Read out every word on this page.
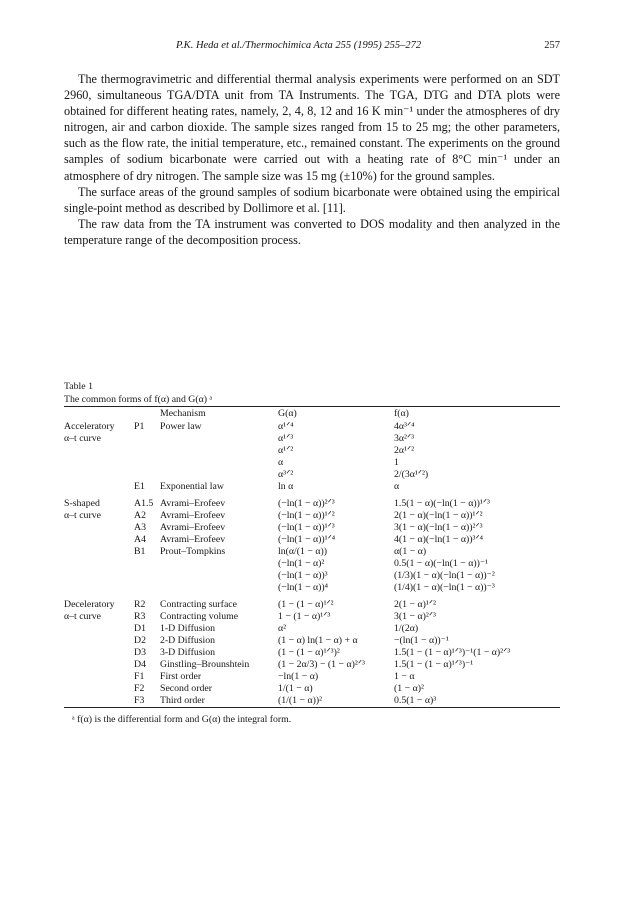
P.K. Heda et al./Thermochimica Acta 255 (1995) 255–272	257

The thermogravimetric and differential thermal analysis experiments were performed on an SDT 2960, simultaneous TGA/DTA unit from TA Instruments. The TGA, DTG and DTA plots were obtained for different heating rates, namely, 2, 4, 8, 12 and 16 K min⁻¹ under the atmospheres of dry nitrogen, air and carbon dioxide. The sample sizes ranged from 15 to 25 mg; the other parameters, such as the flow rate, the initial temperature, etc., remained constant. The experiments on the ground samples of sodium bicarbonate were carried out with a heating rate of 8°C min⁻¹ under an atmosphere of dry nitrogen. The sample size was 15 mg (±10%) for the ground samples.

The surface areas of the ground samples of sodium bicarbonate were obtained using the empirical single-point method as described by Dollimore et al. [11].

The raw data from the TA instrument was converted to DOS modality and then analyzed in the temperature range of the decomposition process.

Table 1
The common forms of f(α) and G(α) ᵃ
	Mechanism		G(α)	f(α)
Acceleratory	P1	Power law	α¹ᐟ⁴	4α³ᐟ⁴
α–t curve			α¹ᐟ³	3α²ᐟ³
			α¹ᐟ²	2α¹ᐟ²
			α	1
			α³ᐟ²	2/(3α¹ᐟ²)
	E1	Exponential law	ln α	α
S-shaped	A1.5	Avrami–Erofeev	(−ln(1 − α))²ᐟ³	1.5(1 − α)(−ln(1 − α))¹ᐟ³
α–t curve	A2	Avrami–Erofeev	(−ln(1 − α))¹ᐟ²	2(1 − α)(−ln(1 − α))¹ᐟ²
	A3	Avrami–Erofeev	(−ln(1 − α))¹ᐟ³	3(1 − α)(−ln(1 − α))²ᐟ³
	A4	Avrami–Erofeev	(−ln(1 − α))¹ᐟ⁴	4(1 − α)(−ln(1 − α))³ᐟ⁴
	B1	Prout–Tompkins	ln(α/(1 − α))	α(1 − α)
			(−ln(1 − α)²	0.5(1 − α)(−ln(1 − α))⁻¹
			(−ln(1 − α))³	(1/3)(1 − α)(−ln(1 − α))⁻²
			(−ln(1 − α))⁴	(1/4)(1 − α)(−ln(1 − α))⁻³
Deceleratory	R2	Contracting surface	(1 − (1 − α)¹ᐟ²	2(1 − α)¹ᐟ²
α–t curve	R3	Contracting volume	1 − (1 − α)¹ᐟ³	3(1 − α)²ᐟ³
	D1	1-D Diffusion	α²	1/(2α)
	D2	2-D Diffusion	(1 − α) ln(1 − α) + α	−(ln(1 − α))⁻¹
	D3	3-D Diffusion	(1 − (1 − α)¹ᐟ³)²	1.5(1 − (1 − α)¹ᐟ³)⁻¹(1 − α)²ᐟ³
	D4	Ginstling–Brounshtein	(1 − 2α/3) − (1 − α)²ᐟ³	1.5(1 − (1 − α)¹ᐟ³)⁻¹
	F1	First order	−ln(1 − α)	1 − α
	F2	Second order	1/(1 − α)	(1 − α)²
	F3	Third order	(1/(1 − α))²	0.5(1 − α)³
ᵃ f(α) is the differential form and G(α) the integral form.
